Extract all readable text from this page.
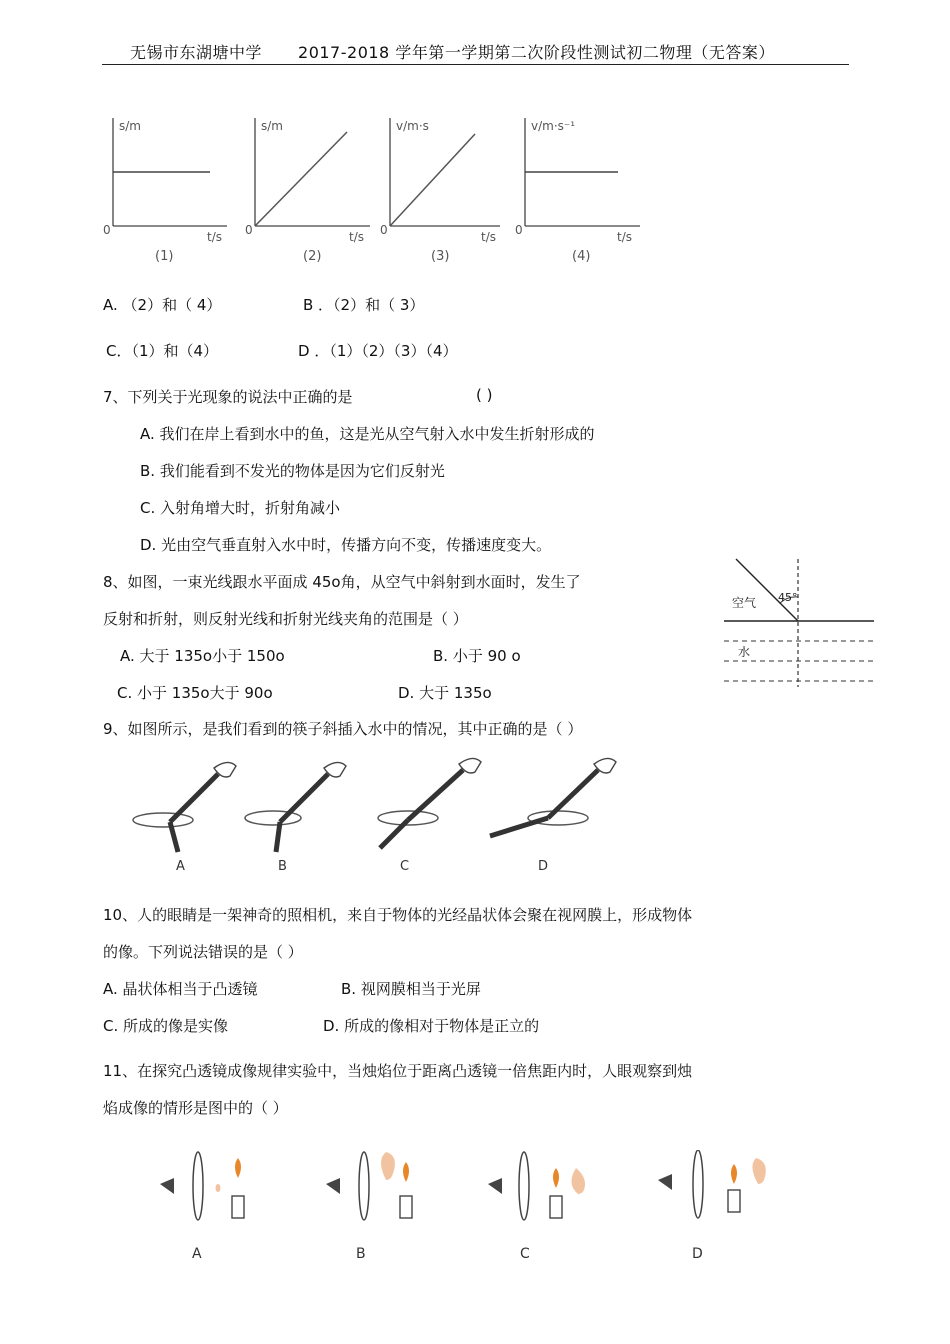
无锡市东湖塘中学 2017-2018 学年第一学期第二次阶段性测试初二物理（无答案）
s/m
0	t/s
(1)
s/m
0	t/s
(2)
v/m·s
0	t/s
(3)
v/m·s⁻¹
0	t/s
(4)
A. （2）和（ 4）	B ．（2）和（ 3）
C．（1）和（4）	D ．（1）（2）（3）（4）
7、下列关于光现象的说法中正确的是	( )
A. 我们在岸上看到水中的鱼，这是光从空气射入水中发生折射形成的
B. 我们能看到不发光的物体是因为它们反射光
C. 入射角增大时，折射角减小
D. 光由空气垂直射入水中时，传播方向不变，传播速度变大。
8、如图，一束光线跟水平面成 45o角，从空气中斜射到水面时，发生了
反射和折射，则反射光线和折射光线夹角的范围是（ ）
A. 大于 135o小于 150o	B. 小于 90 o
C. 小于 135o大于 90o	D. 大于 135o
45°
空气
水
9、如图所示，是我们看到的筷子斜插入水中的情况，其中正确的是（ ）
A	B	C	D
10、人的眼睛是一架神奇的照相机，来自于物体的光经晶状体会聚在视网膜上，形成物体
的像。下列说法错误的是（ ）
A. 晶状体相当于凸透镜	B. 视网膜相当于光屏
C. 所成的像是实像	D. 所成的像相对于物体是正立的
11、在探究凸透镜成像规律实验中，当烛焰位于距离凸透镜一倍焦距内时，人眼观察到烛
焰成像的情形是图中的（ ）
A	B	C	D
